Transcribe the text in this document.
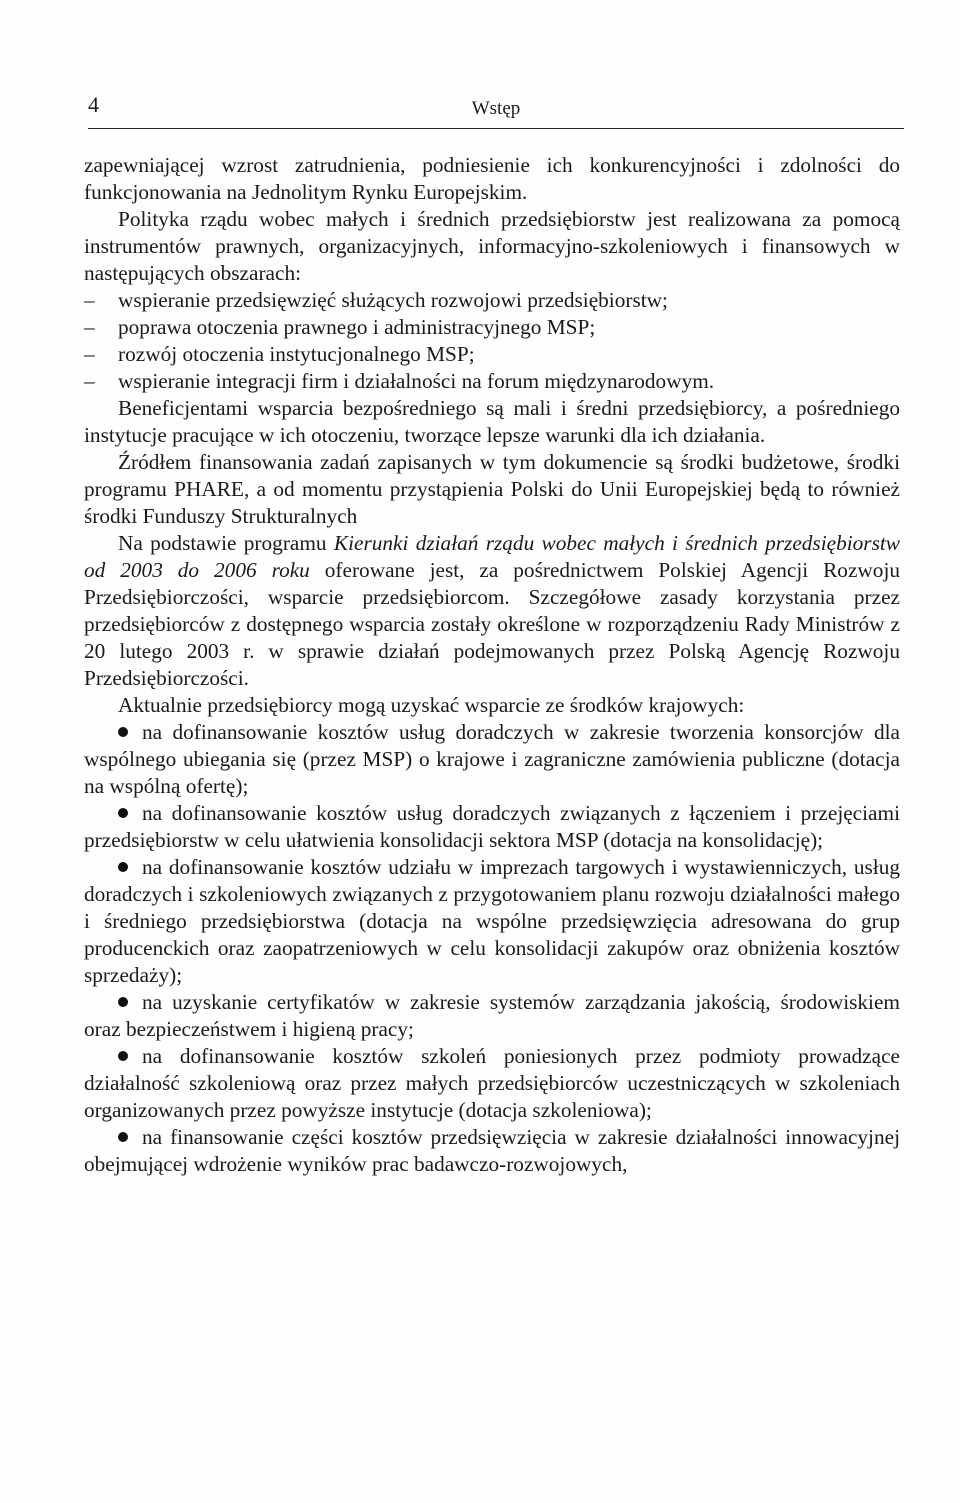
4	Wstęp

zapewniającej wzrost zatrudnienia, podniesienie ich konkurencyjności i zdolności do funkcjonowania na Jednolitym Rynku Europejskim.

Polityka rządu wobec małych i średnich przedsiębiorstw jest realizowana za pomocą instrumentów prawnych, organizacyjnych, informacyjno-szkoleniowych i finansowych w następujących obszarach:

– wspieranie przedsięwzięć służących rozwojowi przedsiębiorstw;

– poprawa otoczenia prawnego i administracyjnego MSP;

– rozwój otoczenia instytucjonalnego MSP;

– wspieranie integracji firm i działalności na forum międzynarodowym.

Beneficjentami wsparcia bezpośredniego są mali i średni przedsiębiorcy, a pośredniego instytucje pracujące w ich otoczeniu, tworzące lepsze warunki dla ich działania.

Źródłem finansowania zadań zapisanych w tym dokumencie są środki budżetowe, środki programu PHARE, a od momentu przystąpienia Polski do Unii Europejskiej będą to również środki Funduszy Strukturalnych

Na podstawie programu Kierunki działań rządu wobec małych i średnich przedsiębiorstw od 2003 do 2006 roku oferowane jest, za pośrednictwem Polskiej Agencji Rozwoju Przedsiębiorczości, wsparcie przedsiębiorcom. Szczegółowe zasady korzystania przez przedsiębiorców z dostępnego wsparcia zostały określone w rozporządzeniu Rady Ministrów z 20 lutego 2003 r. w sprawie działań podejmowanych przez Polską Agencję Rozwoju Przedsiębiorczości.

Aktualnie przedsiębiorcy mogą uzyskać wsparcie ze środków krajowych:

na dofinansowanie kosztów usług doradczych w zakresie tworzenia konsorcjów dla wspólnego ubiegania się (przez MSP) o krajowe i zagraniczne zamówienia publiczne (dotacja na wspólną ofertę);

na dofinansowanie kosztów usług doradczych związanych z łączeniem i przejęciami przedsiębiorstw w celu ułatwienia konsolidacji sektora MSP (dotacja na konsolidację);

na dofinansowanie kosztów udziału w imprezach targowych i wystawienniczych, usług doradczych i szkoleniowych związanych z przygotowaniem planu rozwoju działalności małego i średniego przedsiębiorstwa (dotacja na wspólne przedsięwzięcia adresowana do grup producenckich oraz zaopatrzeniowych w celu konsolidacji zakupów oraz obniżenia kosztów sprzedaży);

na uzyskanie certyfikatów w zakresie systemów zarządzania jakością, środowiskiem oraz bezpieczeństwem i higieną pracy;

na dofinansowanie kosztów szkoleń poniesionych przez podmioty prowadzące działalność szkoleniową oraz przez małych przedsiębiorców uczestniczących w szkoleniach organizowanych przez powyższe instytucje (dotacja szkoleniowa);

na finansowanie części kosztów przedsięwzięcia w zakresie działalności innowacyjnej obejmującej wdrożenie wyników prac badawczo-rozwojowych,
